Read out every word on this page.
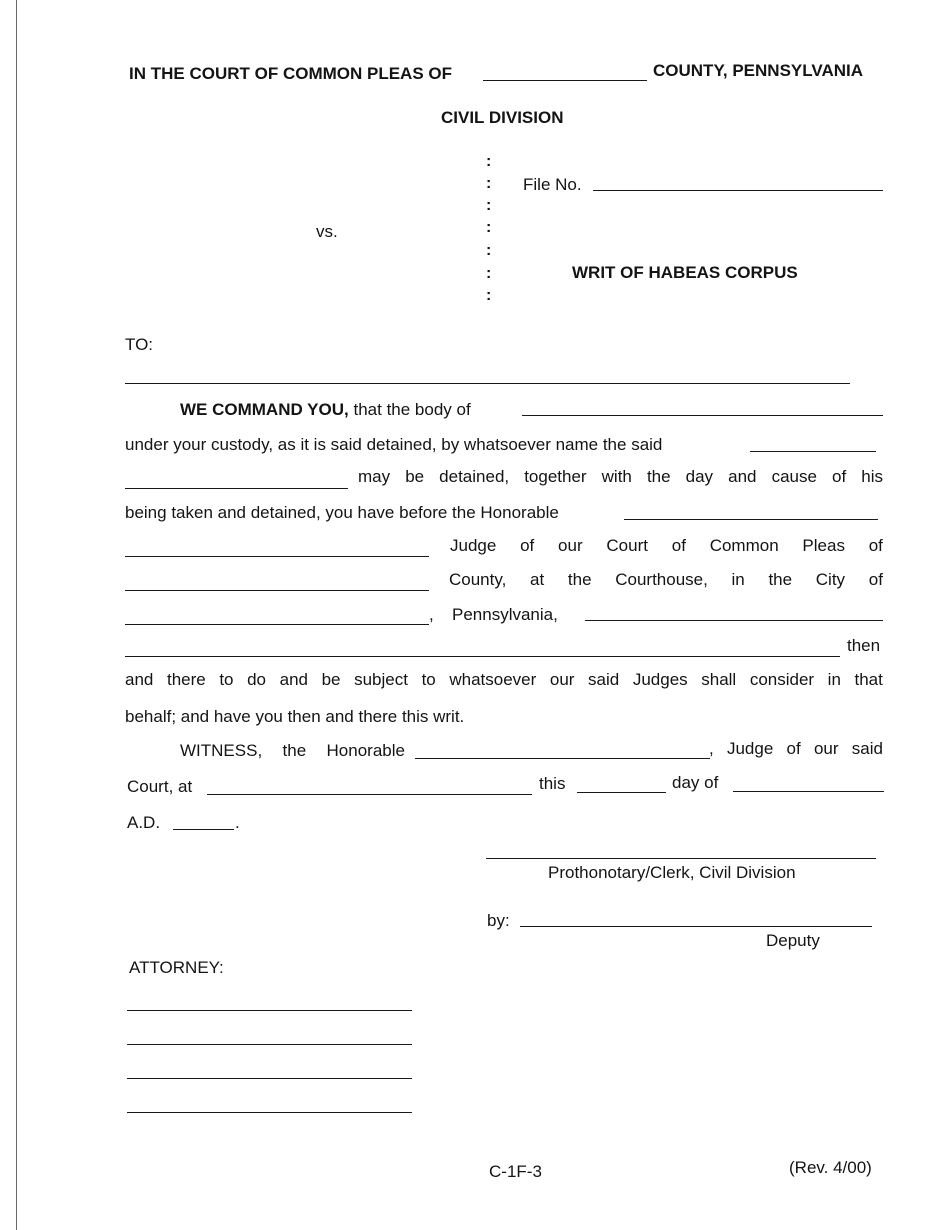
IN THE COURT OF COMMON PLEAS OF	COUNTY, PENNSYLVANIA
CIVIL DIVISION
:
:
:
:
:
:
:
File No.
vs.
WRIT OF HABEAS CORPUS
TO:
WE COMMAND YOU, that the body of
under your custody, as it is said detained, by whatsoever name the said
may be detained, together with the day and cause of his
being taken and detained, you have before the Honorable
Judge of our Court of Common Pleas of
County, at the Courthouse, in the City of
, Pennsylvania,
then
and there to do and be subject to whatsoever our said Judges shall consider in that
behalf; and have you then and there this writ.
WITNESS, the Honorable	, Judge of our said
Court, at	this	day of
A.D.	.
Prothonotary/Clerk, Civil Division
by:
Deputy
ATTORNEY:
C-1F-3	(Rev. 4/00)
